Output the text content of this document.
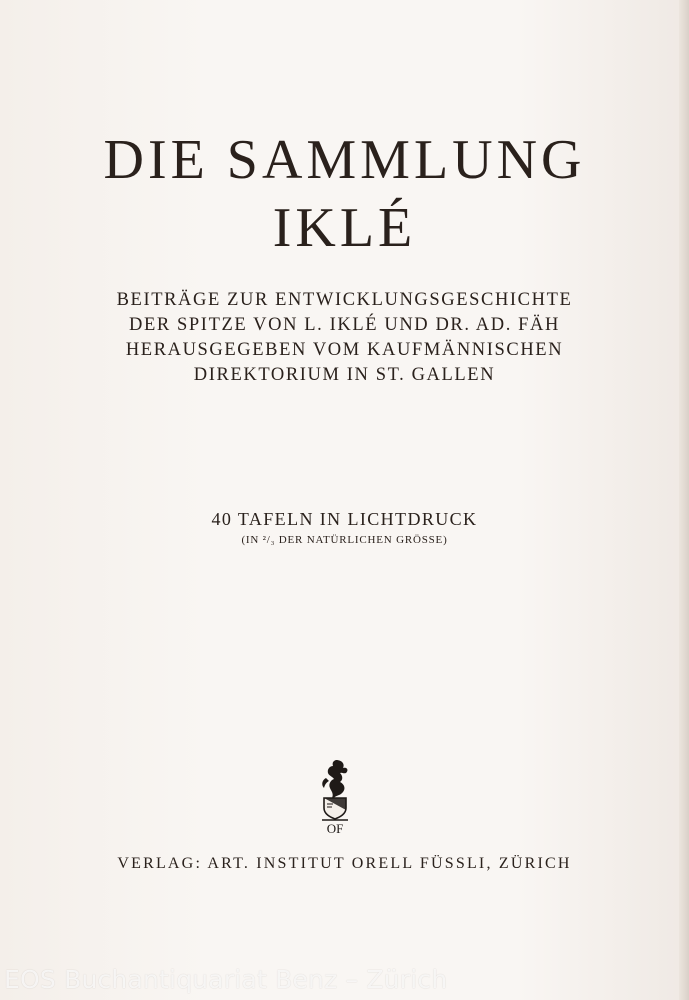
DIE SAMMLUNG
IKLÉ
BEITRÄGE ZUR ENTWICKLUNGSGESCHICHTE
DER SPITZE VON L. IKLÉ UND DR. AD. FÄH
HERAUSGEGEBEN VOM KAUFMÄNNISCHEN
DIREKTORIUM IN ST. GALLEN
40 TAFELN IN LICHTDRUCK
(IN ²/₃ DER NATÜRLICHEN GRÖSSE)
OF
VERLAG: ART. INSTITUT ORELL FÜSSLI, ZÜRICH
EOS Buchantiquariat Benz – Zürich
